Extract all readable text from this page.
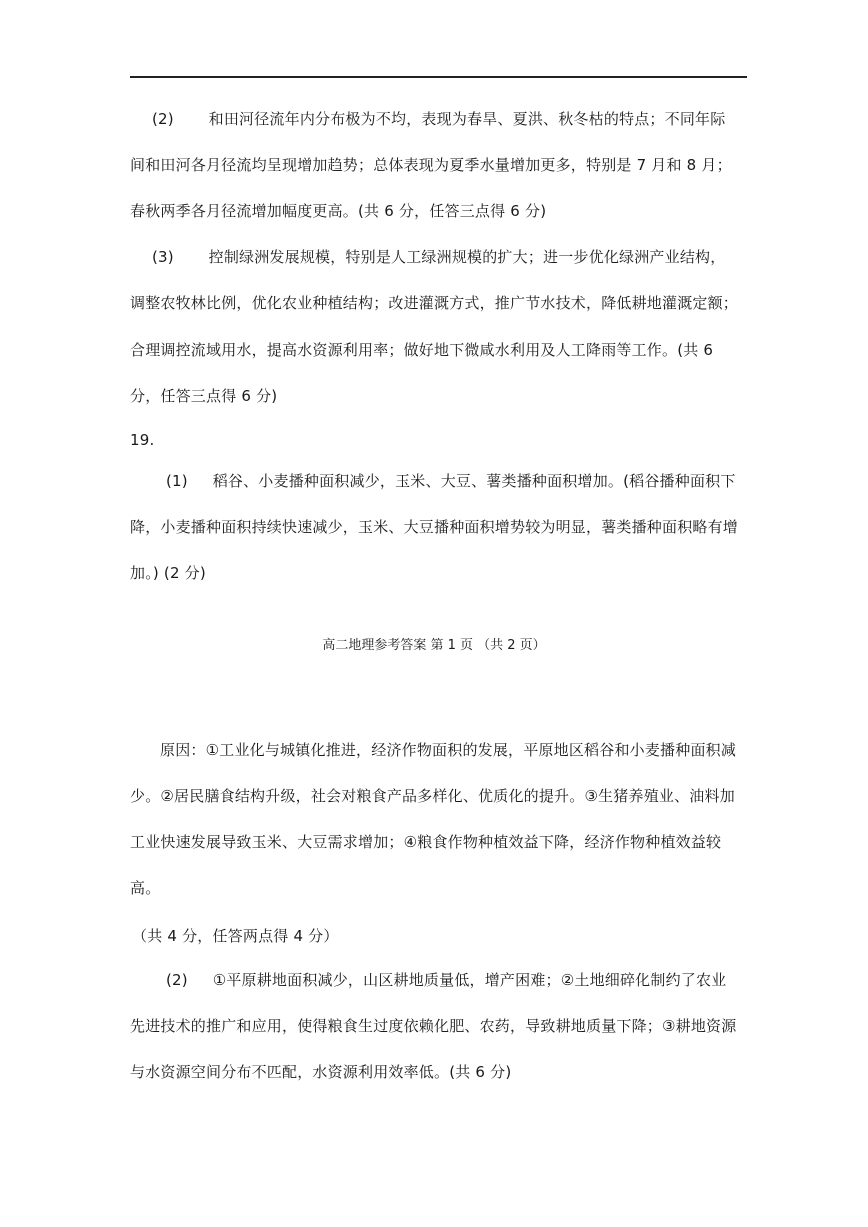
(2)       和田河径流年内分布极为不均，表现为春旱、夏洪、秋冬枯的特点；不同年际
间和田河各月径流均呈现增加趋势；总体表现为夏季水量增加更多，特别是 7 月和 8 月；
春秋两季各月径流增加幅度更高。(共 6 分，任答三点得 6 分)
(3)       控制绿洲发展规模，特别是人工绿洲规模的扩大；进一步优化绿洲产业结构，
调整农牧林比例，优化农业种植结构；改进灌溉方式，推广节水技术，降低耕地灌溉定额；
合理调控流域用水，提高水资源利用率；做好地下微咸水利用及人工降雨等工作。(共 6
分，任答三点得 6 分)
19.
(1)     稻谷、小麦播种面积减少，玉米、大豆、薯类播种面积增加。(稻谷播种面积下
降，小麦播种面积持续快速减少，玉米、大豆播种面积增势较为明显，薯类播种面积略有增
加。) (2 分)
高二地理参考答案 第 1 页 （共 2 页）
原因：①工业化与城镇化推进，经济作物面积的发展，平原地区稻谷和小麦播种面积减
少。②居民膳食结构升级，社会对粮食产品多样化、优质化的提升。③生猪养殖业、油料加
工业快速发展导致玉米、大豆需求增加；④粮食作物种植效益下降，经济作物种植效益较
高。
（共 4 分，任答两点得 4 分）
(2)     ①平原耕地面积减少，山区耕地质量低，增产困难；②土地细碎化制约了农业
先进技术的推广和应用，使得粮食生过度依赖化肥、农药，导致耕地质量下降；③耕地资源
与水资源空间分布不匹配，水资源利用效率低。(共 6 分)
